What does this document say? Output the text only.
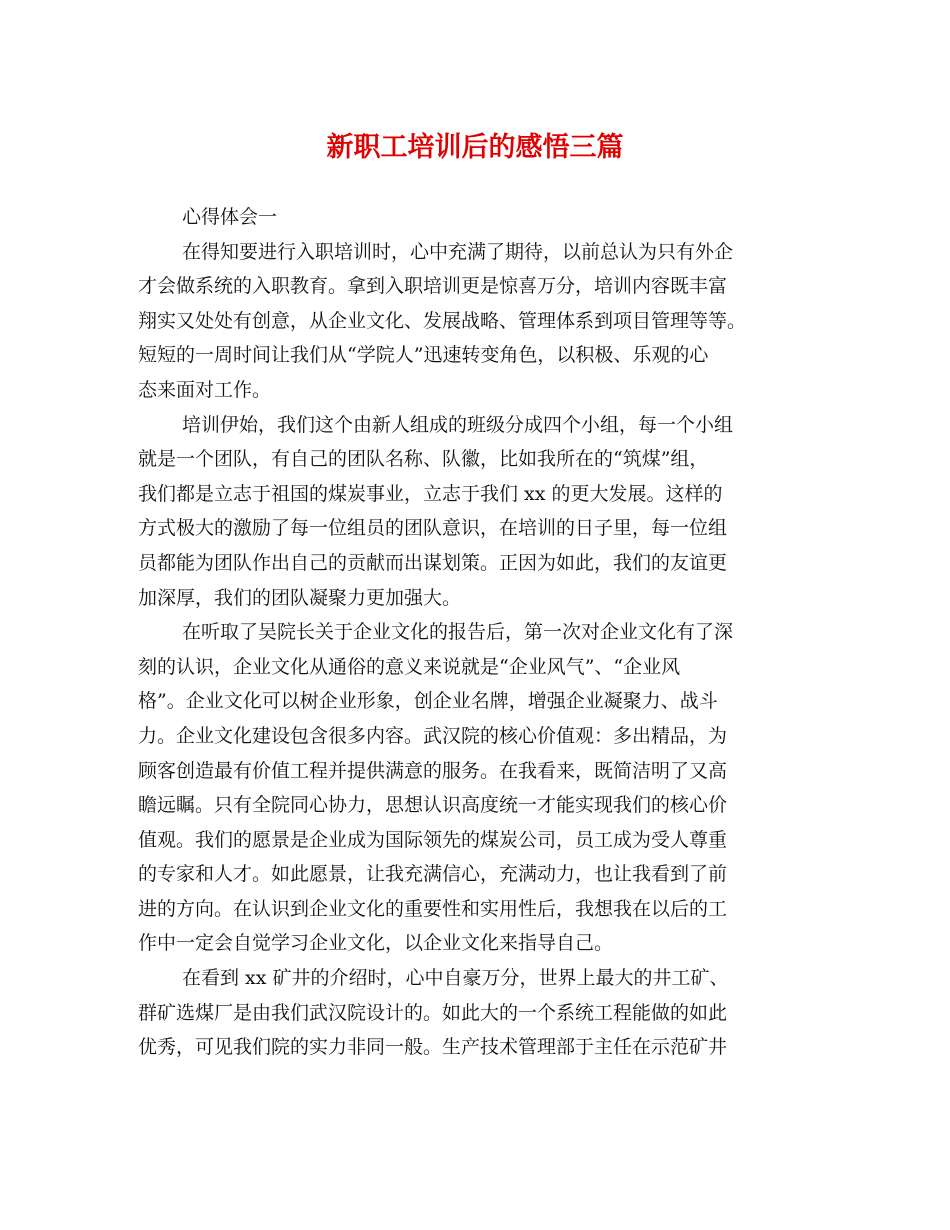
新职工培训后的感悟三篇

心得体会一

在得知要进行入职培训时，心中充满了期待，以前总认为只有外企
才会做系统的入职教育。拿到入职培训更是惊喜万分，培训内容既丰富
翔实又处处有创意，从企业文化、发展战略、管理体系到项目管理等等。
短短的一周时间让我们从“学院人”迅速转变角色，以积极、乐观的心
态来面对工作。

培训伊始，我们这个由新人组成的班级分成四个小组，每一个小组
就是一个团队，有自己的团队名称、队徽，比如我所在的“筑煤”组，
我们都是立志于祖国的煤炭事业，立志于我们 xx 的更大发展。这样的
方式极大的激励了每一位组员的团队意识，在培训的日子里，每一位组
员都能为团队作出自己的贡献而出谋划策。正因为如此，我们的友谊更
加深厚，我们的团队凝聚力更加强大。

在听取了吴院长关于企业文化的报告后，第一次对企业文化有了深
刻的认识，企业文化从通俗的意义来说就是“企业风气”、“企业风
格”。企业文化可以树企业形象，创企业名牌，增强企业凝聚力、战斗
力。企业文化建设包含很多内容。武汉院的核心价值观：多出精品，为
顾客创造最有价值工程并提供满意的服务。在我看来，既简洁明了又高
瞻远瞩。只有全院同心协力，思想认识高度统一才能实现我们的核心价
值观。我们的愿景是企业成为国际领先的煤炭公司，员工成为受人尊重
的专家和人才。如此愿景，让我充满信心，充满动力，也让我看到了前
进的方向。在认识到企业文化的重要性和实用性后，我想我在以后的工
作中一定会自觉学习企业文化，以企业文化来指导自己。

在看到 xx 矿井的介绍时，心中自豪万分，世界上最大的井工矿、
群矿选煤厂是由我们武汉院设计的。如此大的一个系统工程能做的如此
优秀，可见我们院的实力非同一般。生产技术管理部于主任在示范矿井
